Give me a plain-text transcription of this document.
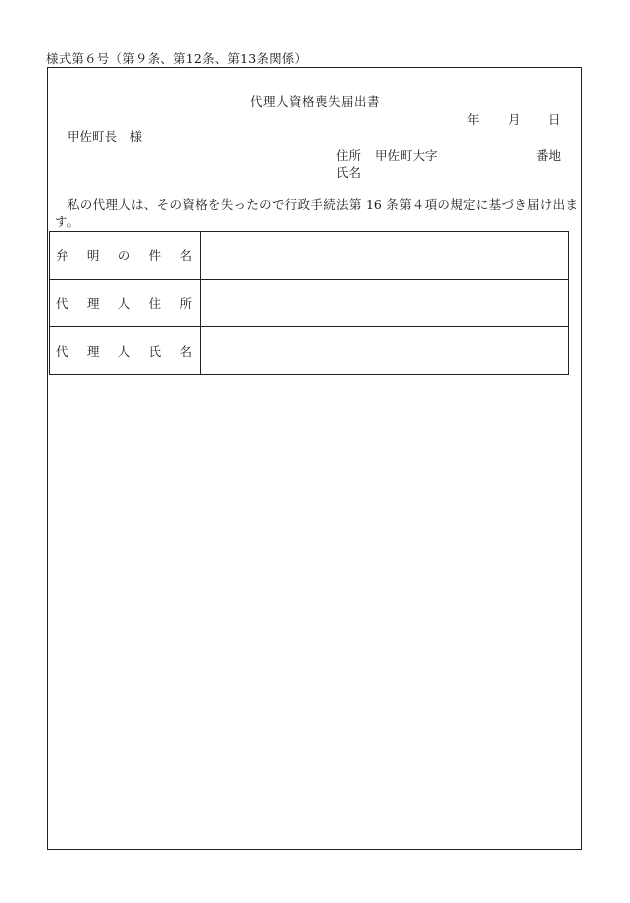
様式第６号（第９条、第12条、第13条関係）
代理人資格喪失届出書
年 月 日
甲佐町長　様
住所 甲佐町大字	番地
氏名
私の代理人は、その資格を失ったので行政手続法第 16 条第４項の規定に基づき届け出ます。
弁 明 の 件 名	

代 理 人 住 所	

代 理 人 氏 名	
